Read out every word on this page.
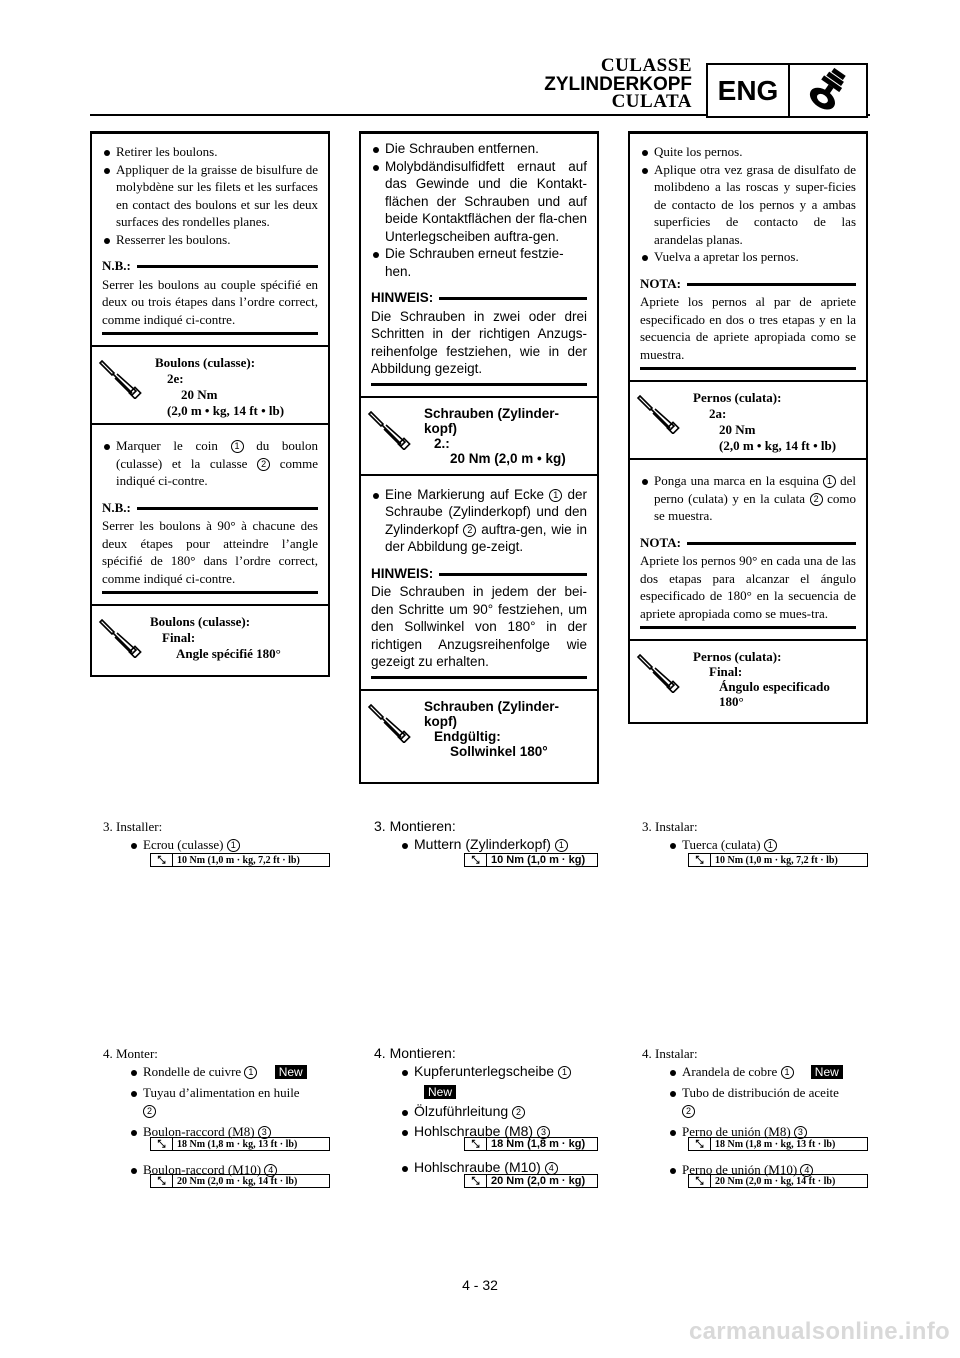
CULASSE
ZYLINDERKOPF
CULATA ENG
Retirer les boulons.
Appliquer de la graisse de bisulfure de molybdène sur les filets et les surfaces en contact des boulons et sur les deux surfaces des rondelles planes.
Resserrer les boulons.
N.B.:
Serrer les boulons au couple spécifié en deux ou trois étapes dans l’ordre correct, comme indiqué ci-contre.
Boulons (culasse):
2e:
20 Nm
(2,0 m • kg, 14 ft • lb)
Marquer le coin 1 du boulon (culasse) et la culasse 2 comme indiqué ci-contre.
N.B.:
Serrer les boulons à 90° à chacune des deux étapes pour atteindre l’angle spécifié de 180° dans l’ordre correct, comme indiqué ci-contre.
Boulons (culasse):
Final:
Angle spécifié 180°
Die Schrauben entfernen.
Molybdändisulfidfett ernaut auf das Gewinde und die Kontakt-flächen der Schrauben und auf beide Kontaktflächen der fla-chen Unterlegscheiben auftra-gen.
Die Schrauben erneut festzie-hen.
HINWEIS:
Die Schrauben in zwei oder drei Schritten in der richtigen Anzugs-reihenfolge festziehen, wie in der Abbildung gezeigt.
Schrauben (Zylinder-
kopf)
2.:
20 Nm (2,0 m • kg)
Eine Markierung auf Ecke 1 der Schraube (Zylinderkopf) und den Zylinderkopf 2 auftra-gen, wie in der Abbildung ge-zeigt.
HINWEIS:
Die Schrauben in jedem der bei-den Schritte um 90° festziehen, um den Sollwinkel von 180° in der richtigen Anzugsreihenfolge wie gezeigt zu erhalten.
Schrauben (Zylinder-
kopf)
Endgültig:
Sollwinkel 180°
Quite los pernos.
Aplique otra vez grasa de disulfato de molibdeno a las roscas y super-ficies de contacto de los pernos y a ambas superficies de contacto de las arandelas planas.
Vuelva a apretar los pernos.
NOTA:
Apriete los pernos al par de apriete especificado en dos o tres etapas y en la secuencia de apriete apropiada como se muestra.
Pernos (culata):
2a:
20 Nm
(2,0 m • kg, 14 ft • lb)
Ponga una marca en la esquina 1 del perno (culata) y en la culata 2 como se muestra.
NOTA:
Apriete los pernos 90° en cada una de las dos etapas para alcanzar el ángulo especificado de 180° en la secuencia de apriete apropiada como se mues-tra.
Pernos (culata):
Final:
Ángulo especificado
180°
3. Installer:
Ecrou (culasse) 1
⤡	10 Nm (1,0 m · kg, 7,2 ft · lb)
3. Montieren:
Muttern (Zylinderkopf) 1
⤡	10 Nm (1,0 m · kg)
3. Instalar:
Tuerca (culata) 1
⤡	10 Nm (1,0 m · kg, 7,2 ft · lb)
4. Monter:
Rondelle de cuivre 1 New
Tuyau d’alimentation en huile
2
Boulon-raccord (M8) 3
Boulon-raccord (M10) 4
⤡	18 Nm (1,8 m · kg, 13 ft · lb)
⤡	20 Nm (2,0 m · kg, 14 ft · lb)
4. Montieren:
Kupferunterlegscheibe 1
New
Ölzuführleitung 2
Hohlschraube (M8) 3
Hohlschraube (M10) 4
⤡	18 Nm (1,8 m · kg)
⤡	20 Nm (2,0 m · kg)
4. Instalar:
Arandela de cobre 1 New
Tubo de distribución de aceite
2
Perno de unión (M8) 3
Perno de unión (M10) 4
⤡	18 Nm (1,8 m · kg, 13 ft · lb)
⤡	20 Nm (2,0 m · kg, 14 ft · lb)
4 - 32
carmanualsonline.info
